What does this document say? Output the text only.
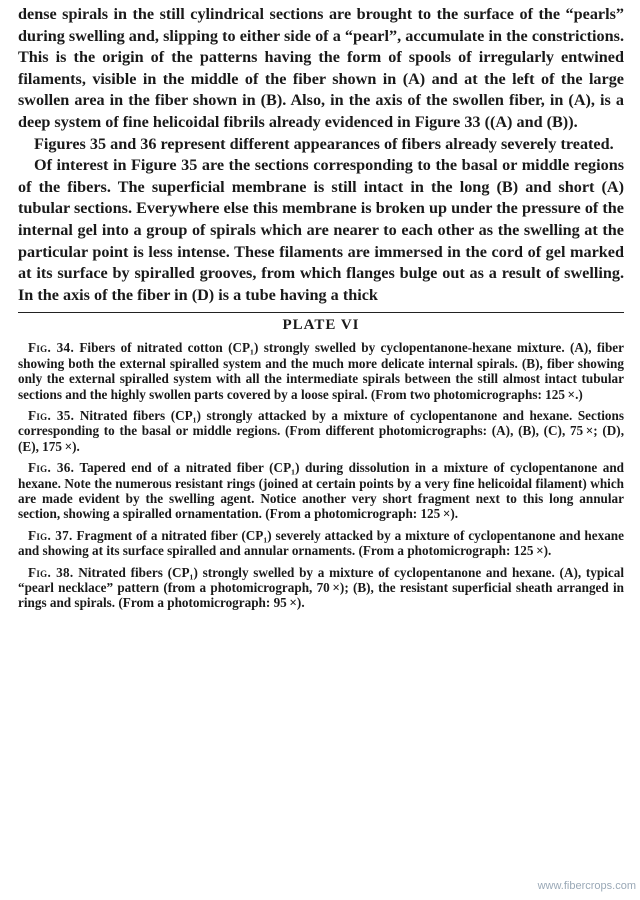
dense spirals in the still cylindrical sections are brought to the surface of the “pearls” during swelling and, slipping to either side of a “pearl”, accumulate in the constrictions. This is the origin of the patterns having the form of spools of irregularly entwined filaments, visible in the middle of the fiber shown in (A) and at the left of the large swollen area in the fiber shown in (B). Also, in the axis of the swollen fiber, in (A), is a deep system of fine helicoidal fibrils already evidenced in Figure 33 ((A) and (B)).

Figures 35 and 36 represent different appearances of fibers already severely treated.

Of interest in Figure 35 are the sections corresponding to the basal or middle regions of the fibers. The superficial membrane is still intact in the long (B) and short (A) tubular sections. Everywhere else this membrane is broken up under the pressure of the internal gel into a group of spirals which are nearer to each other as the swelling at the particular point is less intense. These filaments are immersed in the cord of gel marked at its surface by spiralled grooves, from which flanges bulge out as a result of swelling. In the axis of the fiber in (D) is a tube having a thick

PLATE VI

Fig. 34. Fibers of nitrated cotton (CP₁) strongly swelled by cyclopentanone-hexane mixture. (A), fiber showing both the external spiralled system and the much more delicate internal spirals. (B), fiber showing only the external spiralled system with all the intermediate spirals between the still almost intact tubular sections and the highly swollen parts covered by a loose spiral. (From two photomicrographs: 125 ×.)

Fig. 35. Nitrated fibers (CP₁) strongly attacked by a mixture of cyclopentanone and hexane. Sections corresponding to the basal or middle regions. (From different photomicrographs: (A), (B), (C), 75 ×; (D), (E), 175 ×).

Fig. 36. Tapered end of a nitrated fiber (CP₁) during dissolution in a mixture of cyclopentanone and hexane. Note the numerous resistant rings (joined at certain points by a very fine helicoidal filament) which are made evident by the swelling agent. Notice another very short fragment next to this long annular section, showing a spiralled ornamentation. (From a photomicrograph: 125 ×).

Fig. 37. Fragment of a nitrated fiber (CP₁) severely attacked by a mixture of cyclopentanone and hexane and showing at its surface spiralled and annular ornaments. (From a photomicrograph: 125 ×).

Fig. 38. Nitrated fibers (CP₁) strongly swelled by a mixture of cyclopentanone and hexane. (A), typical “pearl necklace” pattern (from a photomicrograph, 70 ×); (B), the resistant superficial sheath arranged in rings and spirals. (From a photomicrograph: 95 ×).

www.fibercrops.com
